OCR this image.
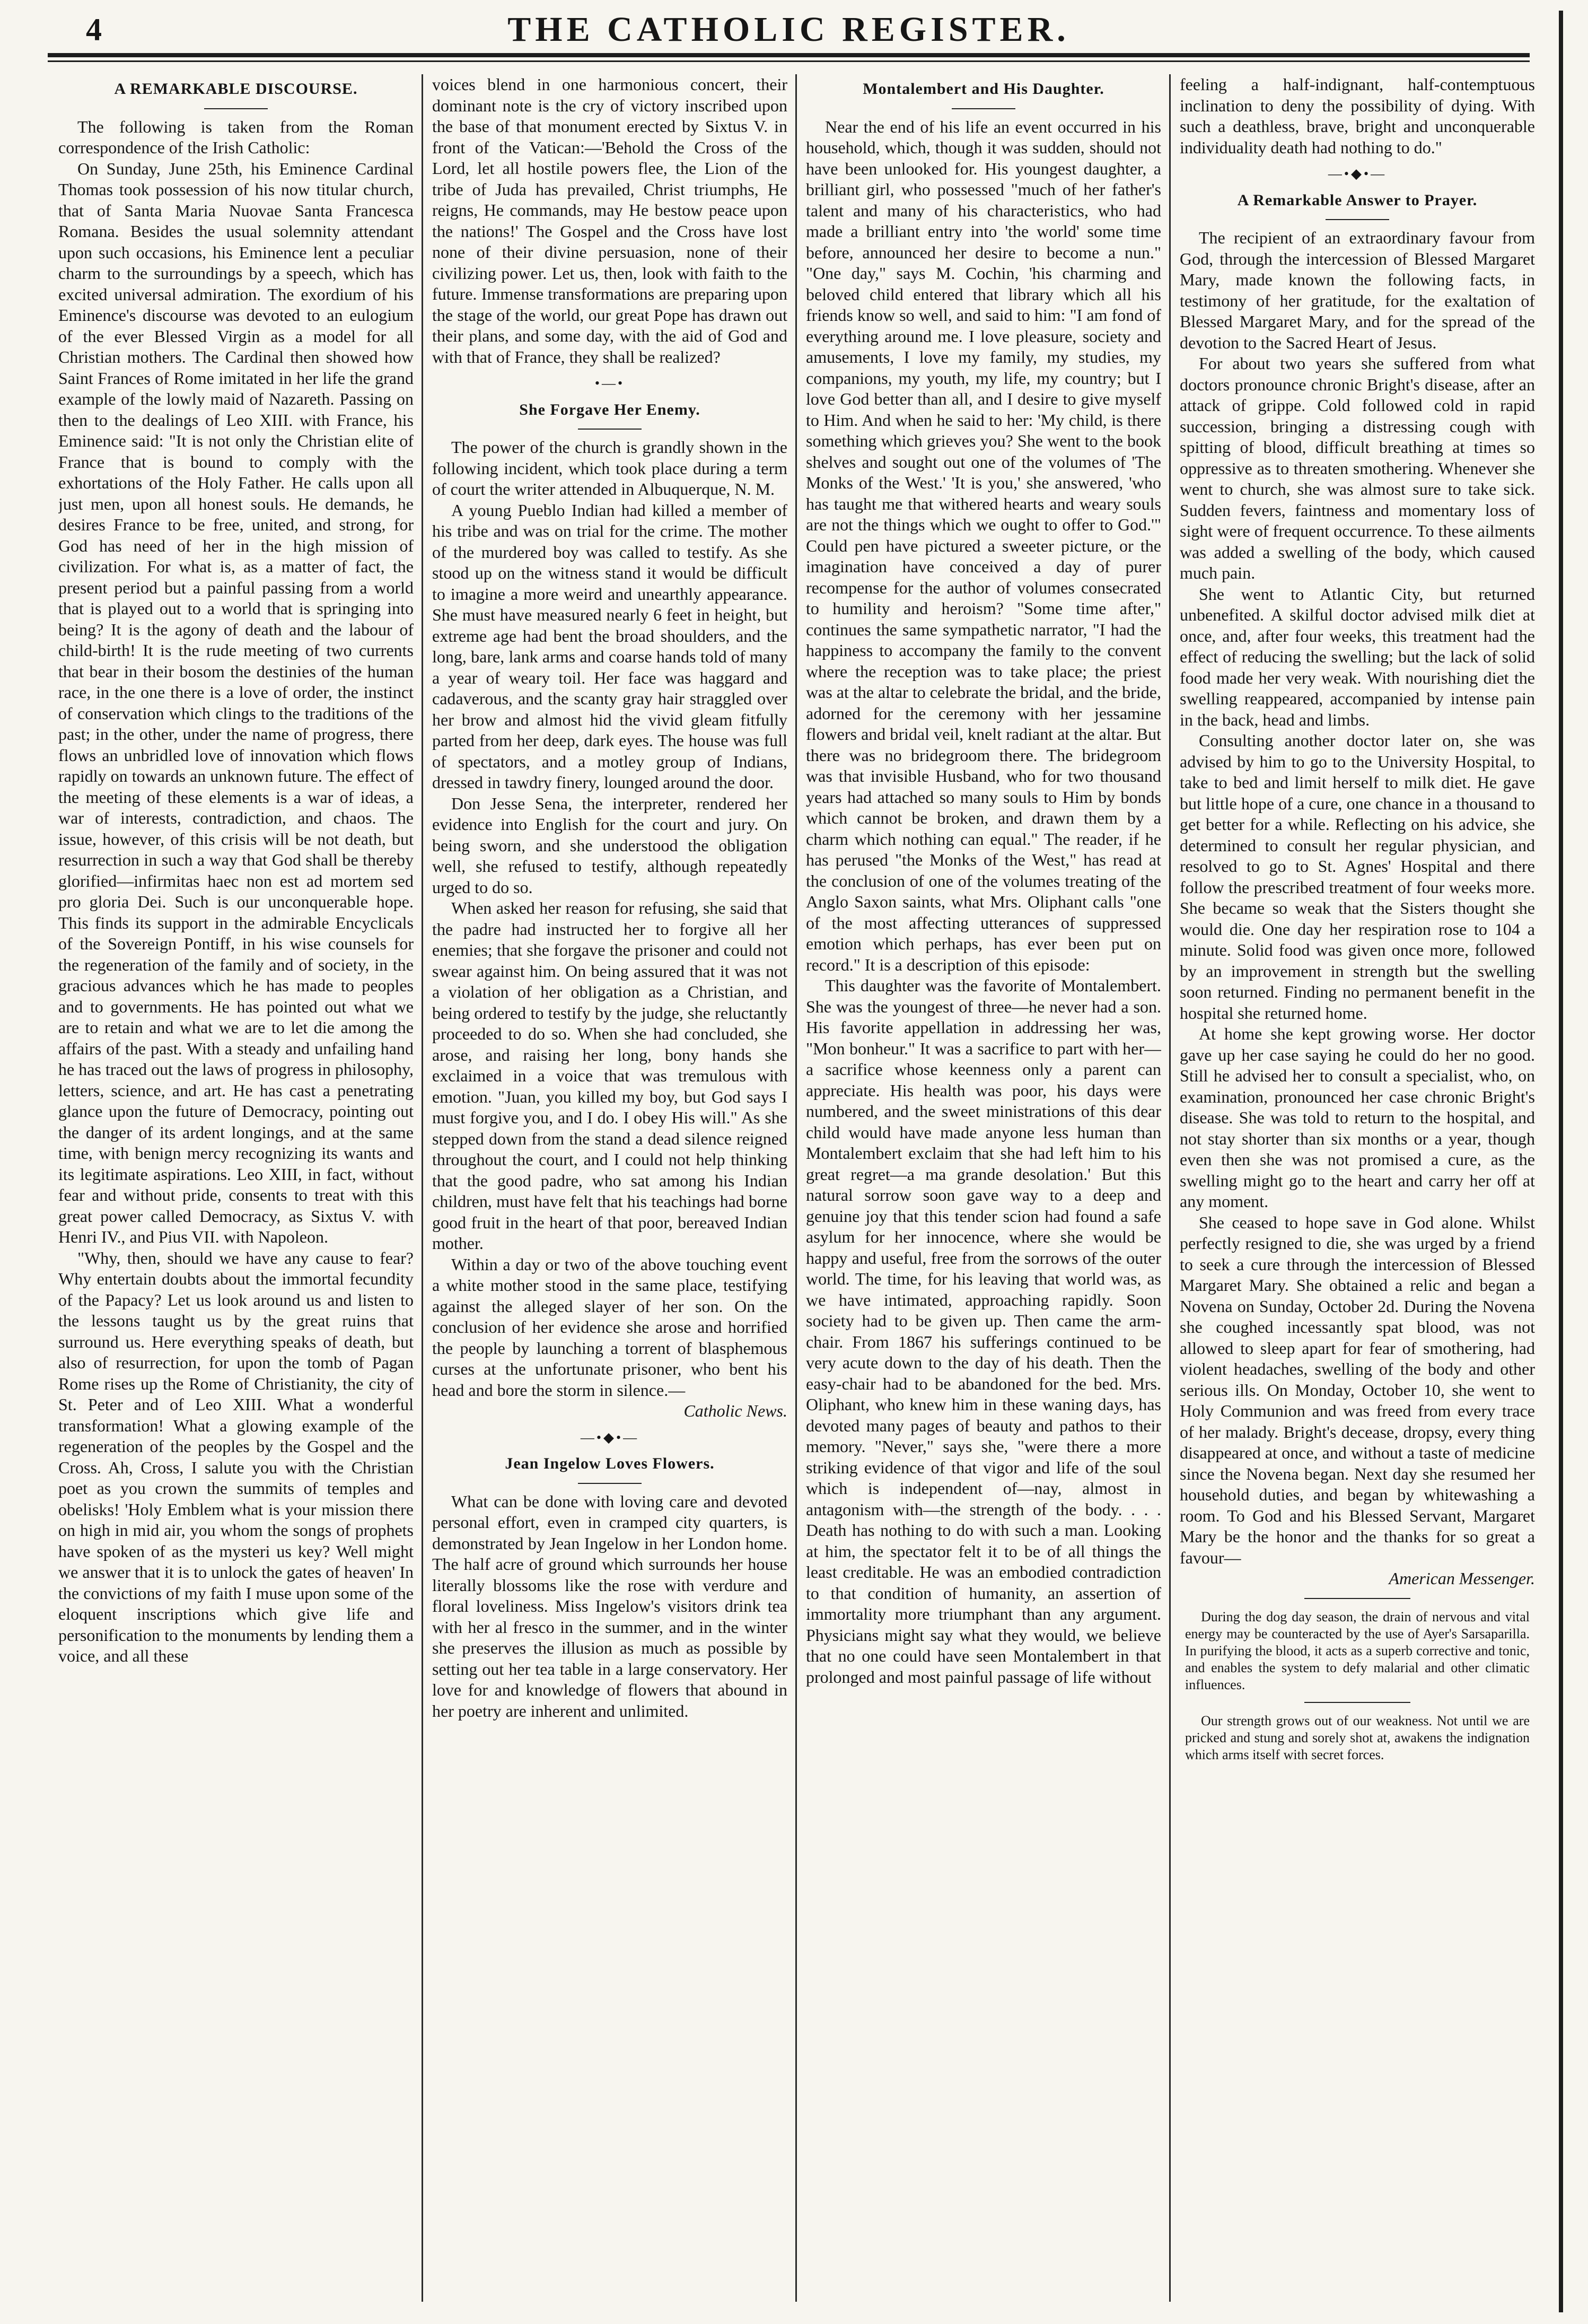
4	THE CATHOLIC REGISTER.
A REMARKABLE DISCOURSE.

The following is taken from the Roman correspondence of the Irish Catholic:

On Sunday, June 25th, his Eminence Cardinal Thomas took possession of his now titular church, that of Santa Maria Nuovae Santa Francesca Romana. Besides the usual solemnity attendant upon such occasions, his Eminence lent a peculiar charm to the surroundings by a speech, which has excited universal admiration. The exordium of his Eminence's discourse was devoted to an eulogium of the ever Blessed Virgin as a model for all Christian mothers. The Cardinal then showed how Saint Frances of Rome imitated in her life the grand example of the lowly maid of Nazareth. Passing on then to the dealings of Leo XIII. with France, his Eminence said: "It is not only the Christian elite of France that is bound to comply with the exhortations of the Holy Father. He calls upon all just men, upon all honest souls. He demands, he desires France to be free, united, and strong, for God has need of her in the high mission of civilization. For what is, as a matter of fact, the present period but a painful passing from a world that is played out to a world that is springing into being? It is the agony of death and the labour of child-birth! It is the rude meeting of two currents that bear in their bosom the destinies of the human race, in the one there is a love of order, the instinct of conservation which clings to the traditions of the past; in the other, under the name of progress, there flows an unbridled love of innovation which flows rapidly on towards an unknown future. The effect of the meeting of these elements is a war of ideas, a war of interests, contradiction, and chaos. The issue, however, of this crisis will be not death, but resurrection in such a way that God shall be thereby glorified—infirmitas haec non est ad mortem sed pro gloria Dei. Such is our unconquerable hope. This finds its support in the admirable Encyclicals of the Sovereign Pontiff, in his wise counsels for the regeneration of the family and of society, in the gracious advances which he has made to peoples and to governments. He has pointed out what we are to retain and what we are to let die among the affairs of the past. With a steady and unfailing hand he has traced out the laws of progress in philosophy, letters, science, and art. He has cast a penetrating glance upon the future of Democracy, pointing out the danger of its ardent longings, and at the same time, with benign mercy recognizing its wants and its legitimate aspirations. Leo XIII, in fact, without fear and without pride, consents to treat with this great power called Democracy, as Sixtus V. with Henri IV., and Pius VII. with Napoleon.

"Why, then, should we have any cause to fear? Why entertain doubts about the immortal fecundity of the Papacy? Let us look around us and listen to the lessons taught us by the great ruins that surround us. Here everything speaks of death, but also of resurrection, for upon the tomb of Pagan Rome rises up the Rome of Christianity, the city of St. Peter and of Leo XIII. What a wonderful transformation! What a glowing example of the regeneration of the peoples by the Gospel and the Cross. Ah, Cross, I salute you with the Christian poet as you crown the summits of temples and obelisks! 'Holy Emblem what is your mission there on high in mid air, you whom the songs of prophets have spoken of as the mysteri us key? Well might we answer that it is to unlock the gates of heaven' In the convictions of my faith I muse upon some of the eloquent inscriptions which give life and personification to the monuments by lending them a voice, and all these

voices blend in one harmonious concert, their dominant note is the cry of victory inscribed upon the base of that monument erected by Sixtus V. in front of the Vatican:—'Behold the Cross of the Lord, let all hostile powers flee, the Lion of the tribe of Juda has prevailed, Christ triumphs, He reigns, He commands, may He bestow peace upon the nations!' The Gospel and the Cross have lost none of their divine persuasion, none of their civilizing power. Let us, then, look with faith to the future. Immense transformations are preparing upon the stage of the world, our great Pope has drawn out their plans, and some day, with the aid of God and with that of France, they shall be realized?

•—•
She Forgave Her Enemy.

The power of the church is grandly shown in the following incident, which took place during a term of court the writer attended in Albuquerque, N. M.

A young Pueblo Indian had killed a member of his tribe and was on trial for the crime. The mother of the murdered boy was called to testify. As she stood up on the witness stand it would be difficult to imagine a more weird and unearthly appearance. She must have measured nearly 6 feet in height, but extreme age had bent the broad shoulders, and the long, bare, lank arms and coarse hands told of many a year of weary toil. Her face was haggard and cadaverous, and the scanty gray hair straggled over her brow and almost hid the vivid gleam fitfully parted from her deep, dark eyes. The house was full of spectators, and a motley group of Indians, dressed in tawdry finery, lounged around the door.

Don Jesse Sena, the interpreter, rendered her evidence into English for the court and jury. On being sworn, and she understood the obligation well, she refused to testify, although repeatedly urged to do so.

When asked her reason for refusing, she said that the padre had instructed her to forgive all her enemies; that she forgave the prisoner and could not swear against him. On being assured that it was not a violation of her obligation as a Christian, and being ordered to testify by the judge, she reluctantly proceeded to do so. When she had concluded, she arose, and raising her long, bony hands she exclaimed in a voice that was tremulous with emotion. "Juan, you killed my boy, but God says I must forgive you, and I do. I obey His will." As she stepped down from the stand a dead silence reigned throughout the court, and I could not help thinking that the good padre, who sat among his Indian children, must have felt that his teachings had borne good fruit in the heart of that poor, bereaved Indian mother.

Within a day or two of the above touching event a white mother stood in the same place, testifying against the alleged slayer of her son. On the conclusion of her evidence she arose and horrified the people by launching a torrent of blasphemous curses at the unfortunate prisoner, who bent his head and bore the storm in silence.—

Catholic News.

—•◆•—
Jean Ingelow Loves Flowers.

What can be done with loving care and devoted personal effort, even in cramped city quarters, is demonstrated by Jean Ingelow in her London home. The half acre of ground which surrounds her house literally blossoms like the rose with verdure and floral loveliness. Miss Ingelow's visitors drink tea with her al fresco in the summer, and in the winter she preserves the illusion as much as possible by setting out her tea table in a large conservatory. Her love for and knowledge of flowers that abound in her poetry are inherent and unlimited.

Montalembert and His Daughter.

Near the end of his life an event occurred in his household, which, though it was sudden, should not have been unlooked for. His youngest daughter, a brilliant girl, who possessed "much of her father's talent and many of his characteristics, who had made a brilliant entry into 'the world' some time before, announced her desire to become a nun." "One day," says M. Cochin, 'his charming and beloved child entered that library which all his friends know so well, and said to him: "I am fond of everything around me. I love pleasure, society and amusements, I love my family, my studies, my companions, my youth, my life, my country; but I love God better than all, and I desire to give myself to Him. And when he said to her: 'My child, is there something which grieves you? She went to the book shelves and sought out one of the volumes of 'The Monks of the West.' 'It is you,' she answered, 'who has taught me that withered hearts and weary souls are not the things which we ought to offer to God.'" Could pen have pictured a sweeter picture, or the imagination have conceived a day of purer recompense for the author of volumes consecrated to humility and heroism? "Some time after," continues the same sympathetic narrator, "I had the happiness to accompany the family to the convent where the reception was to take place; the priest was at the altar to celebrate the bridal, and the bride, adorned for the ceremony with her jessamine flowers and bridal veil, knelt radiant at the altar. But there was no bridegroom there. The bridegroom was that invisible Husband, who for two thousand years had attached so many souls to Him by bonds which cannot be broken, and drawn them by a charm which nothing can equal." The reader, if he has perused "the Monks of the West," has read at the conclusion of one of the volumes treating of the Anglo Saxon saints, what Mrs. Oliphant calls "one of the most affecting utterances of suppressed emotion which perhaps, has ever been put on record." It is a description of this episode:

This daughter was the favorite of Montalembert. She was the youngest of three—he never had a son. His favorite appellation in addressing her was, "Mon bonheur." It was a sacrifice to part with her—a sacrifice whose keenness only a parent can appreciate. His health was poor, his days were numbered, and the sweet ministrations of this dear child would have made anyone less human than Montalembert exclaim that she had left him to his great regret—a ma grande desolation.' But this natural sorrow soon gave way to a deep and genuine joy that this tender scion had found a safe asylum for her innocence, where she would be happy and useful, free from the sorrows of the outer world. The time, for his leaving that world was, as we have intimated, approaching rapidly. Soon society had to be given up. Then came the arm-chair. From 1867 his sufferings continued to be very acute down to the day of his death. Then the easy-chair had to be abandoned for the bed. Mrs. Oliphant, who knew him in these waning days, has devoted many pages of beauty and pathos to their memory. "Never," says she, "were there a more striking evidence of that vigor and life of the soul which is independent of—nay, almost in antagonism with—the strength of the body. . . . Death has nothing to do with such a man. Looking at him, the spectator felt it to be of all things the least creditable. He was an embodied contradiction to that condition of humanity, an assertion of immortality more triumphant than any argument. Physicians might say what they would, we believe that no one could have seen Montalembert in that prolonged and most painful passage of life without

feeling a half-indignant, half-contemptuous inclination to deny the possibility of dying. With such a deathless, brave, bright and unconquerable individuality death had nothing to do."

—•◆•—
A Remarkable Answer to Prayer.

The recipient of an extraordinary favour from God, through the intercession of Blessed Margaret Mary, made known the following facts, in testimony of her gratitude, for the exaltation of Blessed Margaret Mary, and for the spread of the devotion to the Sacred Heart of Jesus.

For about two years she suffered from what doctors pronounce chronic Bright's disease, after an attack of grippe. Cold followed cold in rapid succession, bringing a distressing cough with spitting of blood, difficult breathing at times so oppressive as to threaten smothering. Whenever she went to church, she was almost sure to take sick. Sudden fevers, faintness and momentary loss of sight were of frequent occurrence. To these ailments was added a swelling of the body, which caused much pain.

She went to Atlantic City, but returned unbenefited. A skilful doctor advised milk diet at once, and, after four weeks, this treatment had the effect of reducing the swelling; but the lack of solid food made her very weak. With nourishing diet the swelling reappeared, accompanied by intense pain in the back, head and limbs.

Consulting another doctor later on, she was advised by him to go to the University Hospital, to take to bed and limit herself to milk diet. He gave but little hope of a cure, one chance in a thousand to get better for a while. Reflecting on his advice, she determined to consult her regular physician, and resolved to go to St. Agnes' Hospital and there follow the prescribed treatment of four weeks more. She became so weak that the Sisters thought she would die. One day her respiration rose to 104 a minute. Solid food was given once more, followed by an improvement in strength but the swelling soon returned. Finding no permanent benefit in the hospital she returned home.

At home she kept growing worse. Her doctor gave up her case saying he could do her no good. Still he advised her to consult a specialist, who, on examination, pronounced her case chronic Bright's disease. She was told to return to the hospital, and not stay shorter than six months or a year, though even then she was not promised a cure, as the swelling might go to the heart and carry her off at any moment.

She ceased to hope save in God alone. Whilst perfectly resigned to die, she was urged by a friend to seek a cure through the intercession of Blessed Margaret Mary. She obtained a relic and began a Novena on Sunday, October 2d. During the Novena she coughed incessantly spat blood, was not allowed to sleep apart for fear of smothering, had violent headaches, swelling of the body and other serious ills. On Monday, October 10, she went to Holy Communion and was freed from every trace of her malady. Bright's decease, dropsy, every thing disappeared at once, and without a taste of medicine since the Novena began. Next day she resumed her household duties, and began by whitewashing a room. To God and his Blessed Servant, Margaret Mary be the honor and the thanks for so great a favour—

American Messenger.

During the dog day season, the drain of nervous and vital energy may be counteracted by the use of Ayer's Sarsaparilla. In purifying the blood, it acts as a superb corrective and tonic, and enables the system to defy malarial and other climatic influences.

Our strength grows out of our weakness. Not until we are pricked and stung and sorely shot at, awakens the indignation which arms itself with secret forces.
